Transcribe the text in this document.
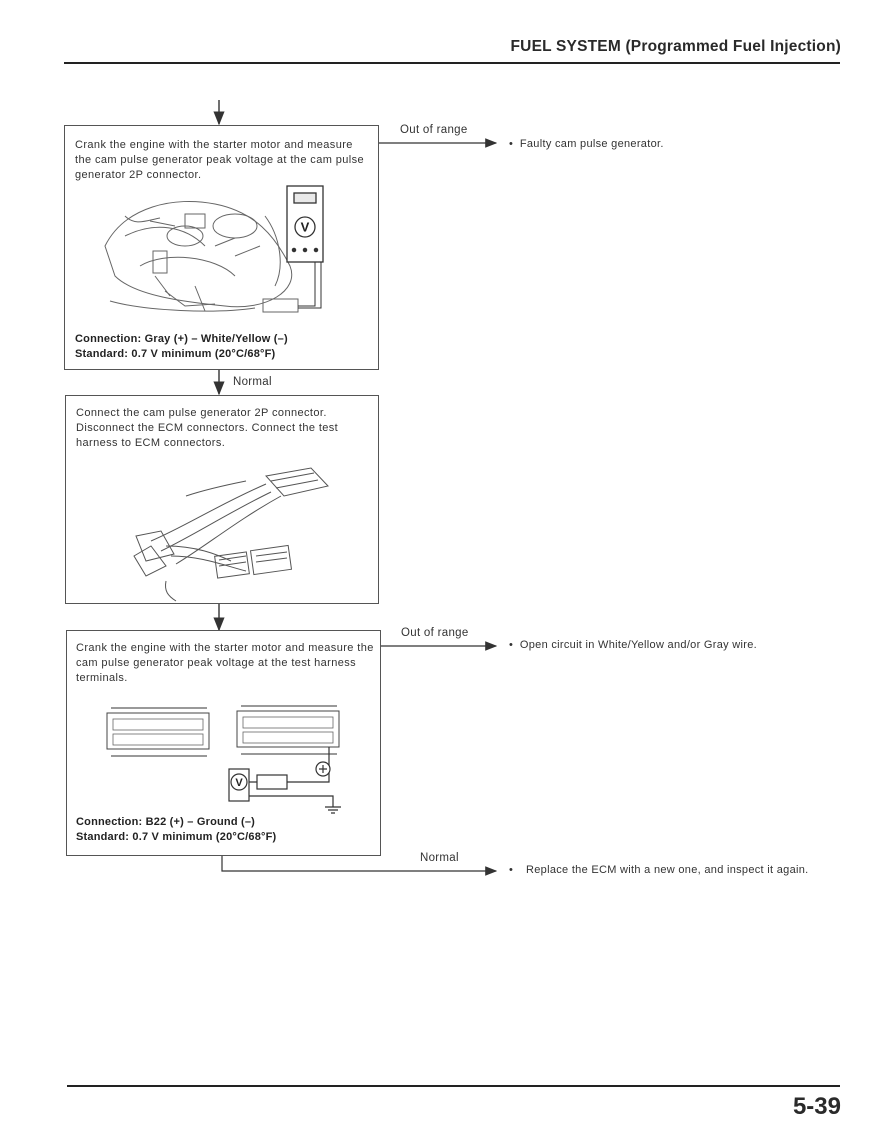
FUEL SYSTEM (Programmed Fuel Injection)
Crank the engine with the starter motor and measure the cam pulse generator peak voltage at the cam pulse generator 2P connector.
V
Connection: Gray (+) – White/Yellow (–)
Standard: 0.7 V minimum (20°C/68°F)
Out of range
• Faulty cam pulse generator.
Normal
Connect the cam pulse generator 2P connector. Disconnect the ECM connectors. Connect the test harness to ECM connectors.
Crank the engine with the starter motor and measure the cam pulse generator peak voltage at the test harness terminals.
V
Connection: B22 (+) – Ground (–)
Standard: 0.7 V minimum (20°C/68°F)
Out of range
• Open circuit in White/Yellow and/or Gray wire.
Normal
•	Replace the ECM with a new one, and inspect it again.
5-39
